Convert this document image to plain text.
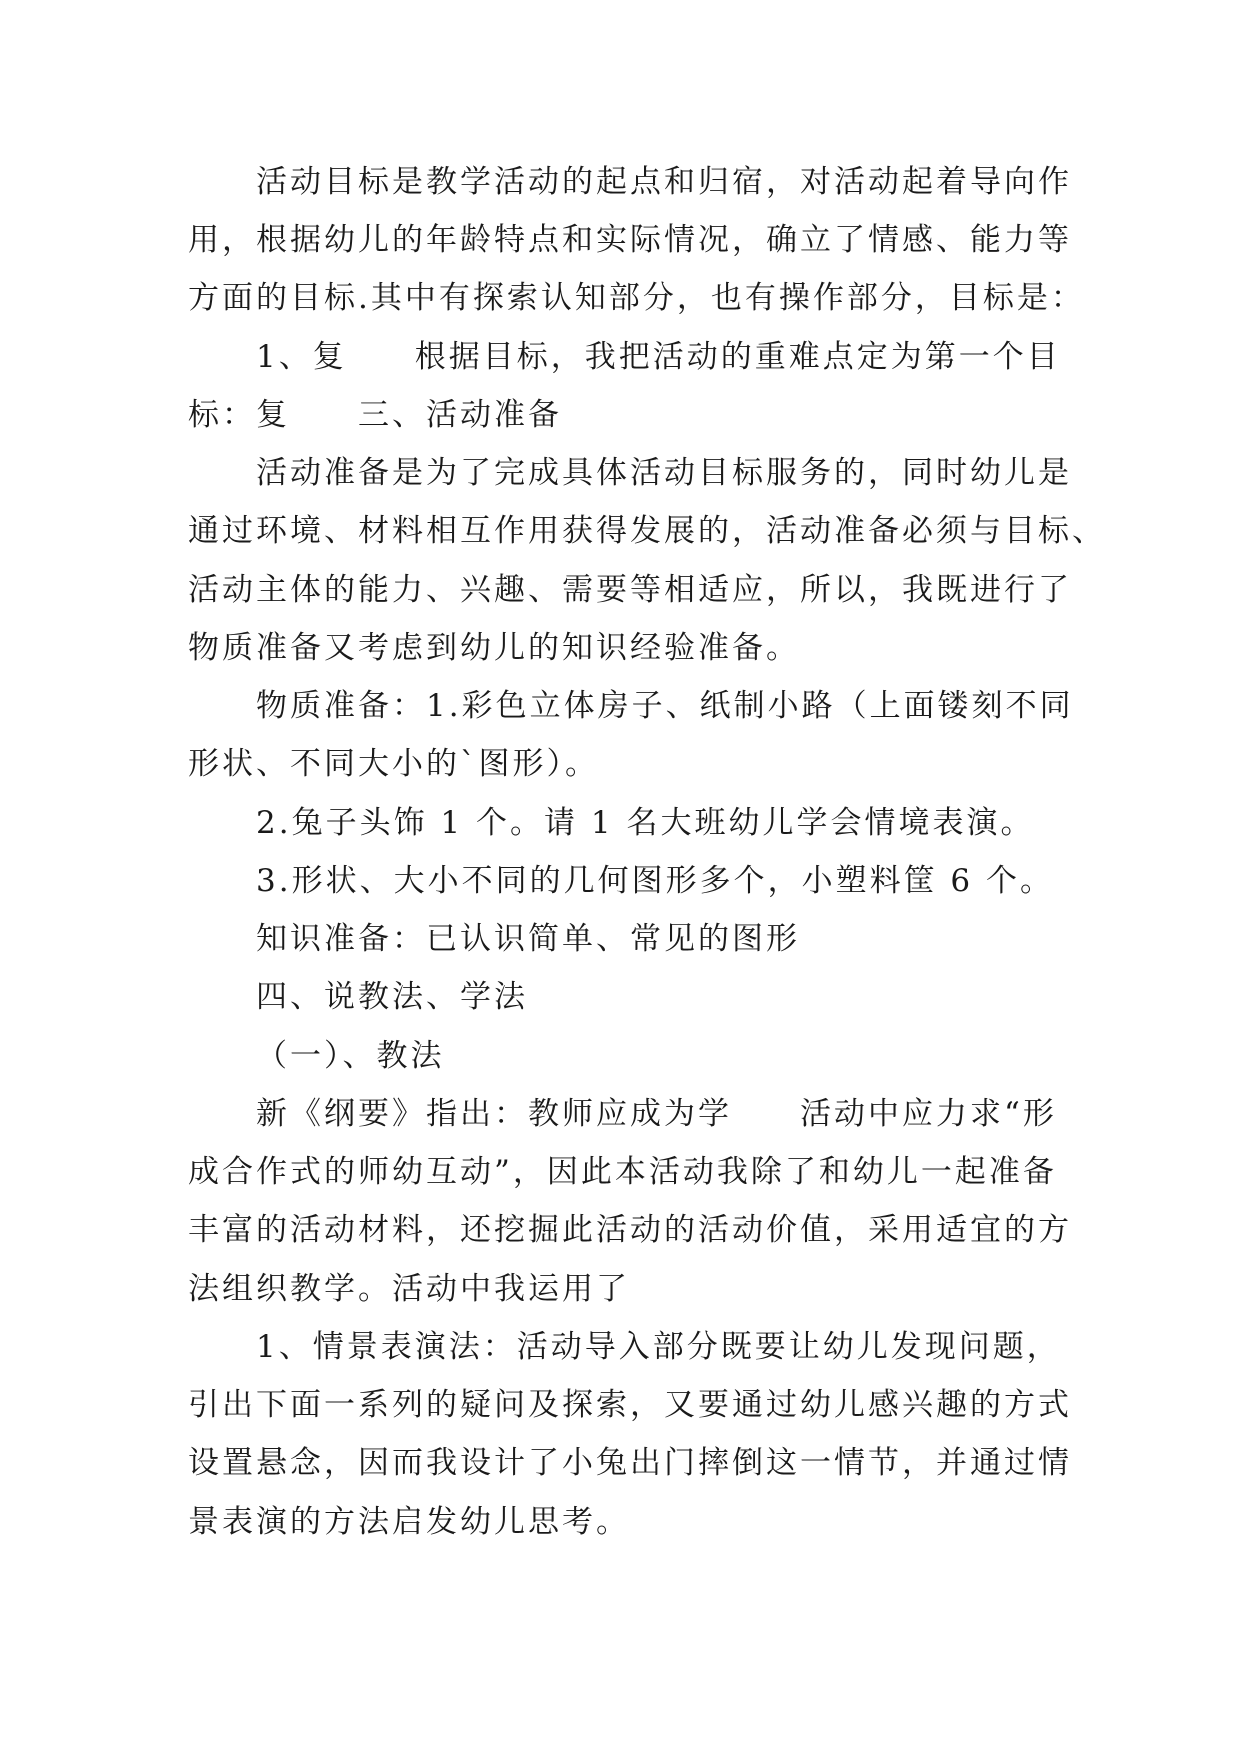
活动目标是教学活动的起点和归宿，对活动起着导向作
用，根据幼儿的年龄特点和实际情况，确立了情感、能力等
方面的目标.其中有探索认知部分，也有操作部分，目标是：
1、复　　根据目标，我把活动的重难点定为第一个目
标：复　　三、活动准备
活动准备是为了完成具体活动目标服务的，同时幼儿是
通过环境、材料相互作用获得发展的，活动准备必须与目标、
活动主体的能力、兴趣、需要等相适应，所以，我既进行了
物质准备又考虑到幼儿的知识经验准备。
物质准备：1.彩色立体房子、纸制小路（上面镂刻不同
形状、不同大小的`图形）。
2.兔子头饰 1 个。请 1 名大班幼儿学会情境表演。
3.形状、大小不同的几何图形多个，小塑料筐 6 个。
知识准备：已认识简单、常见的图形
四、说教法、学法
（一）、教法
新《纲要》指出：教师应成为学　　活动中应力求“形
成合作式的师幼互动”，因此本活动我除了和幼儿一起准备
丰富的活动材料，还挖掘此活动的活动价值，采用适宜的方
法组织教学。活动中我运用了
1、情景表演法：活动导入部分既要让幼儿发现问题，
引出下面一系列的疑问及探索，又要通过幼儿感兴趣的方式
设置悬念，因而我设计了小兔出门摔倒这一情节，并通过情
景表演的方法启发幼儿思考。
